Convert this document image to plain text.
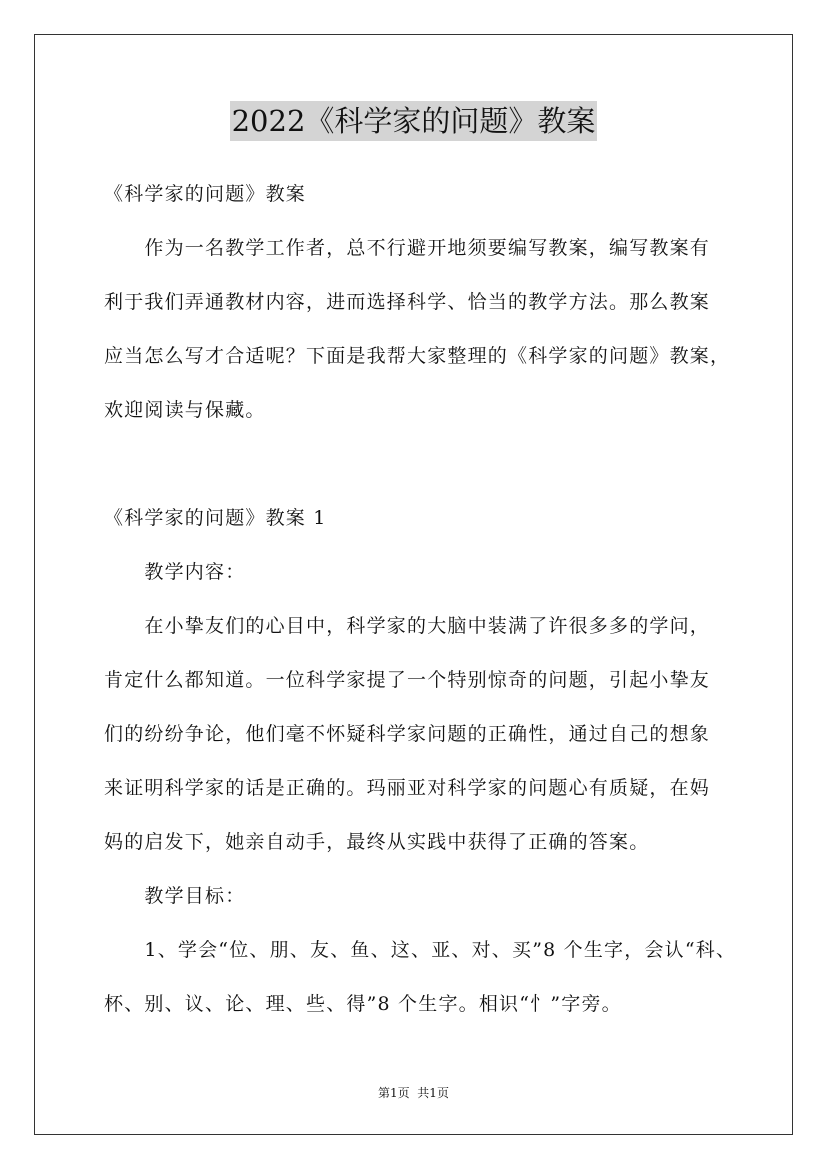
2022《科学家的问题》教案
《科学家的问题》教案
　　作为一名教学工作者，总不行避开地须要编写教案，编写教案有
利于我们弄通教材内容，进而选择科学、恰当的教学方法。那么教案
应当怎么写才合适呢？下面是我帮大家整理的《科学家的问题》教案，
欢迎阅读与保藏。
《科学家的问题》教案 1
　　教学内容：
　　在小挚友们的心目中，科学家的大脑中装满了许很多多的学问，
肯定什么都知道。一位科学家提了一个特别惊奇的问题，引起小挚友
们的纷纷争论，他们毫不怀疑科学家问题的正确性，通过自己的想象
来证明科学家的话是正确的。玛丽亚对科学家的问题心有质疑，在妈
妈的启发下，她亲自动手，最终从实践中获得了正确的答案。
　　教学目标：
　　1、学会“位、朋、友、鱼、这、亚、对、买”8 个生字，会认“科、
杯、别、议、论、理、些、得”8 个生字。相识“忄”字旁。
第1页  共1页
